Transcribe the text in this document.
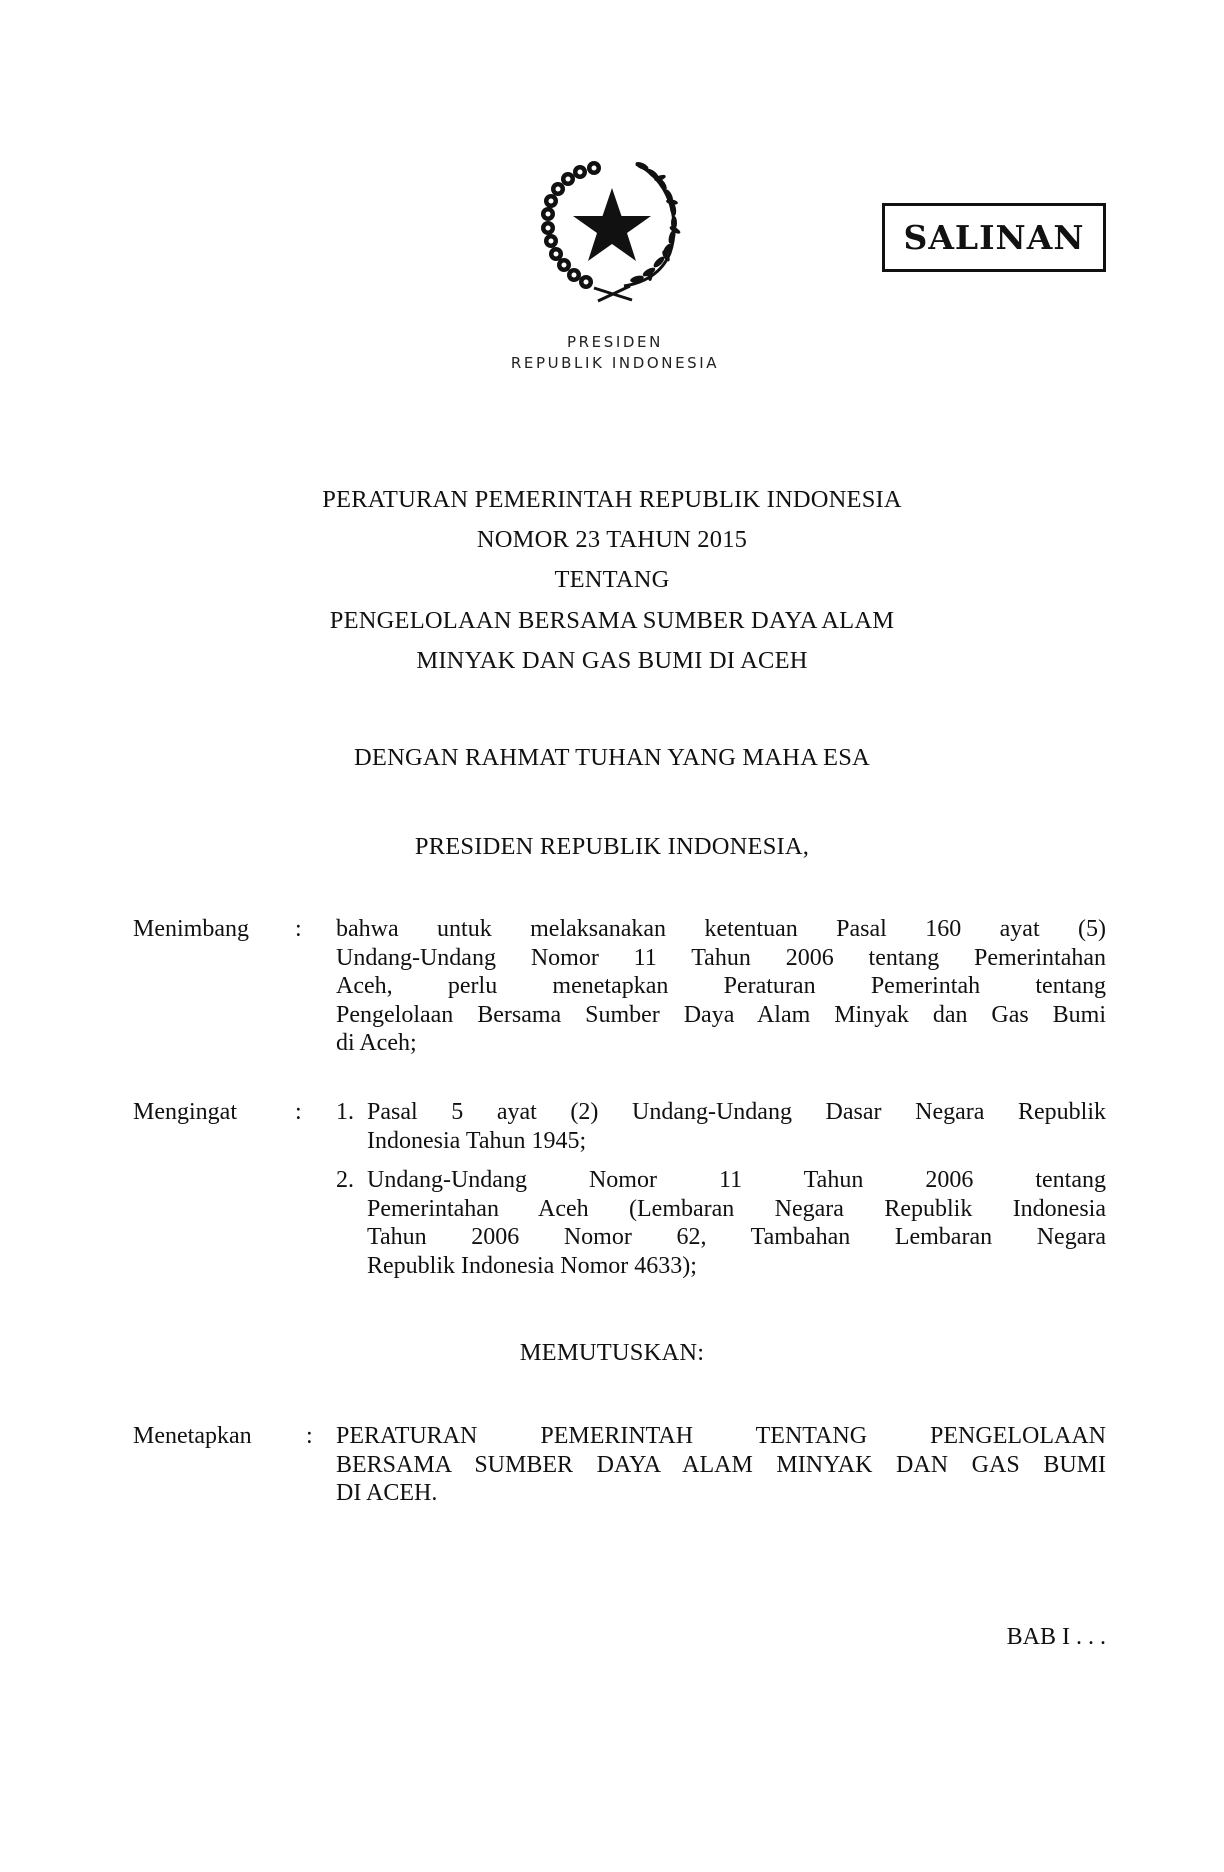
PRESIDEN
REPUBLIK INDONESIA
SALINAN
PERATURAN PEMERINTAH REPUBLIK INDONESIA
NOMOR 23 TAHUN 2015
TENTANG
PENGELOLAAN BERSAMA SUMBER DAYA ALAM
MINYAK DAN GAS BUMI DI ACEH
DENGAN RAHMAT TUHAN YANG MAHA ESA
PRESIDEN REPUBLIK INDONESIA,
Menimbang : bahwa untuk melaksanakan ketentuan Pasal 160 ayat (5)
Undang-Undang Nomor 11 Tahun 2006 tentang Pemerintahan
Aceh, perlu menetapkan Peraturan Pemerintah tentang
Pengelolaan Bersama Sumber Daya Alam Minyak dan Gas Bumi
di Aceh;
Mengingat : 1. Pasal 5 ayat (2) Undang-Undang Dasar Negara Republik
Indonesia Tahun 1945;
2. Undang-Undang Nomor 11 Tahun 2006 tentang
Pemerintahan Aceh (Lembaran Negara Republik Indonesia
Tahun 2006 Nomor 62, Tambahan Lembaran Negara
Republik Indonesia Nomor 4633);
MEMUTUSKAN:
Menetapkan : PERATURAN PEMERINTAH TENTANG PENGELOLAAN
BERSAMA SUMBER DAYA ALAM MINYAK DAN GAS BUMI
DI ACEH.
BAB I . . .
